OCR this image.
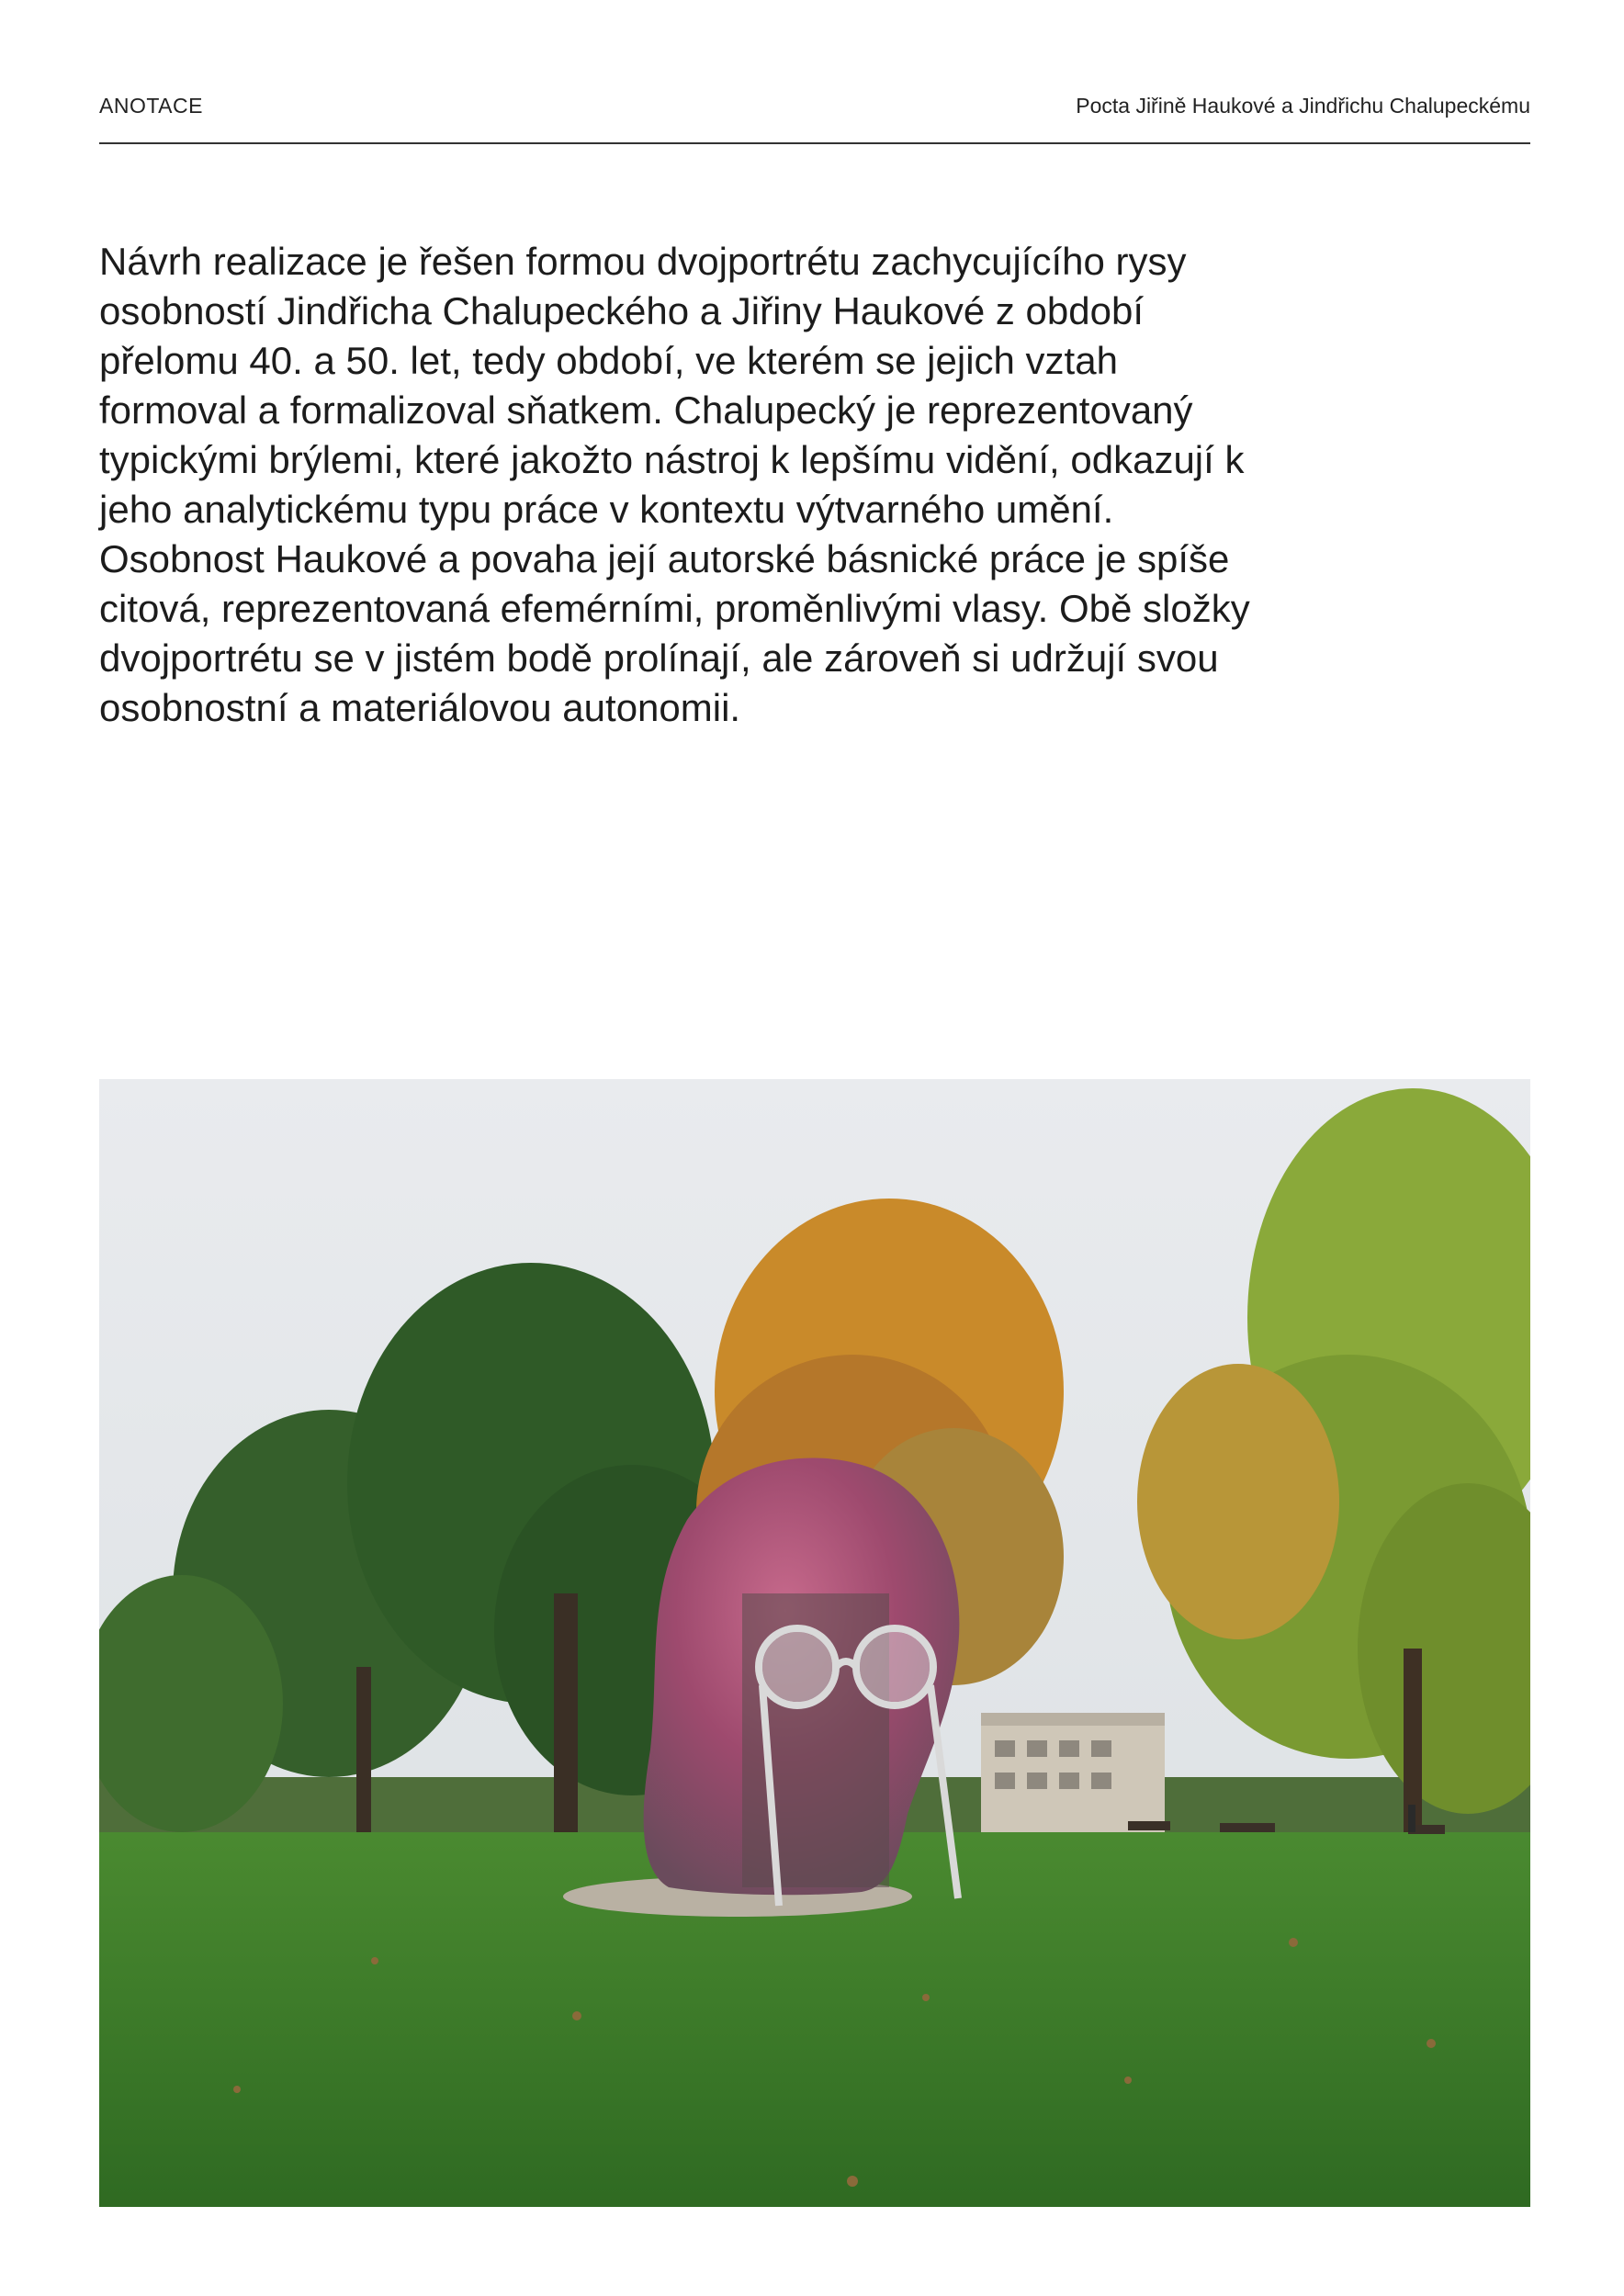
ANOTACE	Pocta Jiřině Haukové a Jindřichu Chalupeckému

Návrh realizace je řešen formou dvojportrétu zachycujícího rysy osobností Jindřicha Chalupeckého a Jiřiny Haukové z období přelomu 40. a 50. let, tedy období, ve kterém se jejich vztah formoval a formalizoval sňatkem. Chalupecký je reprezentovaný typickými brýlemi, které jakožto nástroj k lepšímu vidění, odkazují k jeho analytickému typu práce v kontextu výtvarného umění. Osobnost Haukové a povaha její autorské básnické práce je spíše citová, reprezentovaná efemérními, proměnlivými vlasy. Obě složky dvojportrétu se v jistém bodě prolínají, ale zároveň si udržují svou osobnostní a materiálovou autonomii.
